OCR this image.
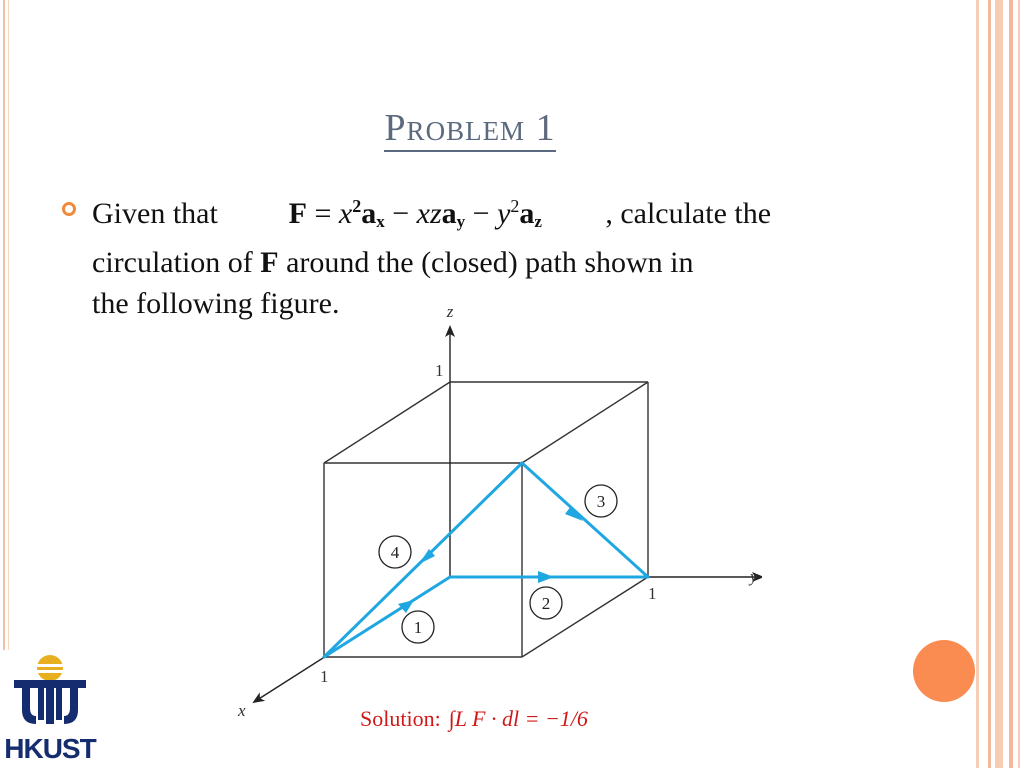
Problem 1
Given that $F = x^2a_x - xza_y - y^2a_z$ , calculate the
circulation of F around the (closed) path shown in
the following figure.
1
2
3
4
z
y
x
1
1
1
Solution: ∫L F · dl = −1/6
HKUST
